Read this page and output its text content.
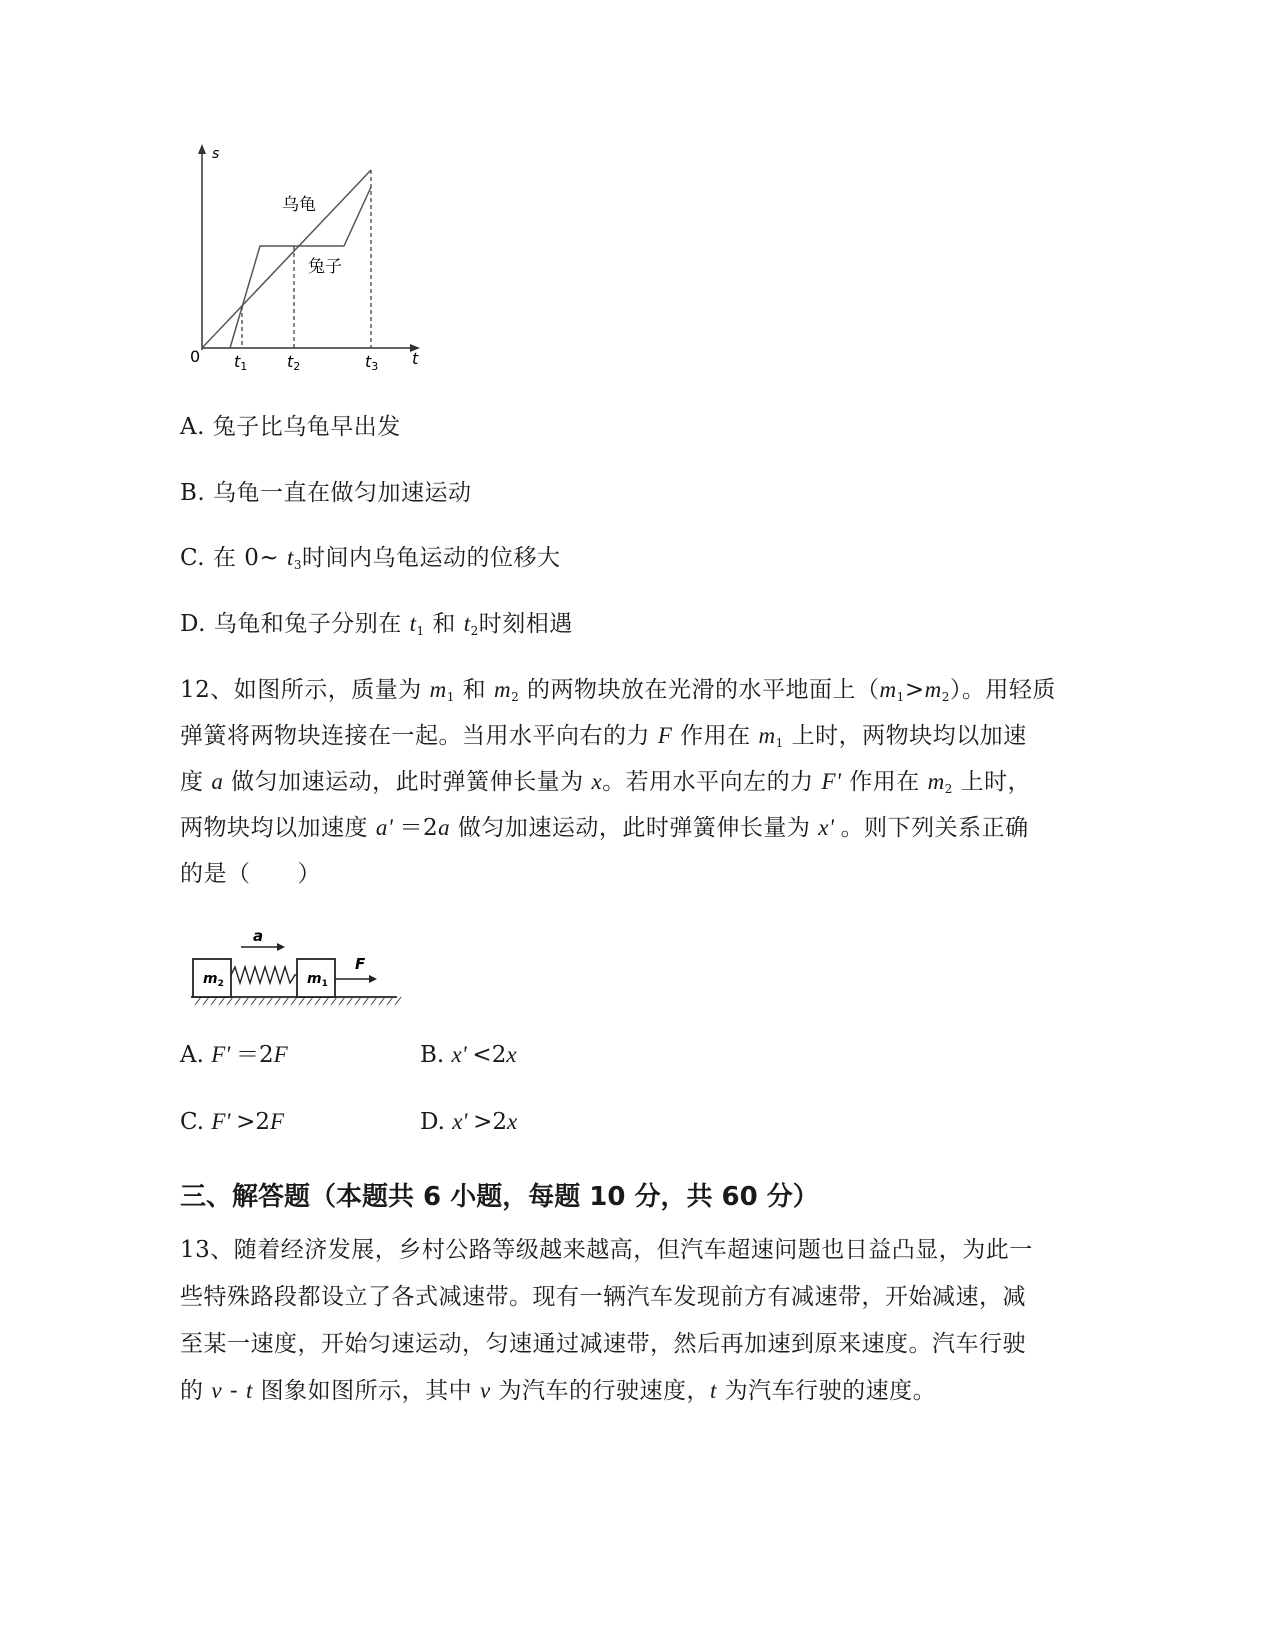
s
t
0
乌龟
兔子
t1 t2	t3
A. 兔子比乌龟早出发
B. 乌龟一直在做匀加速运动
C. 在 0~ $t_3$时间内乌龟运动的位移大
D. 乌龟和兔子分别在 $t_1$ 和 $t_2$时刻相遇
12、如图所示，质量为 $m_1$ 和 $m_2$ 的两物块放在光滑的水平地面上$(m_1>m_2)$。用轻质
弹簧将两物块连接在一起。当用水平向右的力 F 作用在 $m_1$ 上时，两物块均以加速
度 a 做匀加速运动，此时弹簧伸长量为 x。若用水平向左的力 F' 作用在 $m_2$ 上时，
两物块均以加速度 a' ＝2a 做匀加速运动，此时弹簧伸长量为 x' 。则下列关系正确
的是（　　）
a
$m_2$	$m_1$
F
A. F' ＝2F	B. x' <2x
C. F' >2F	D. x' >2x
三、解答题（本题共 6 小题，每题 10 分，共 60 分）
13、随着经济发展，乡村公路等级越来越高，但汽车超速问题也日益凸显，为此一
些特殊路段都设立了各式减速带。现有一辆汽车发现前方有减速带，开始减速，减
至某一速度，开始匀速运动，匀速通过减速带，然后再加速到原来速度。汽车行驶
的 v - t 图象如图所示，其中 v 为汽车的行驶速度，t 为汽车行驶的速度。
